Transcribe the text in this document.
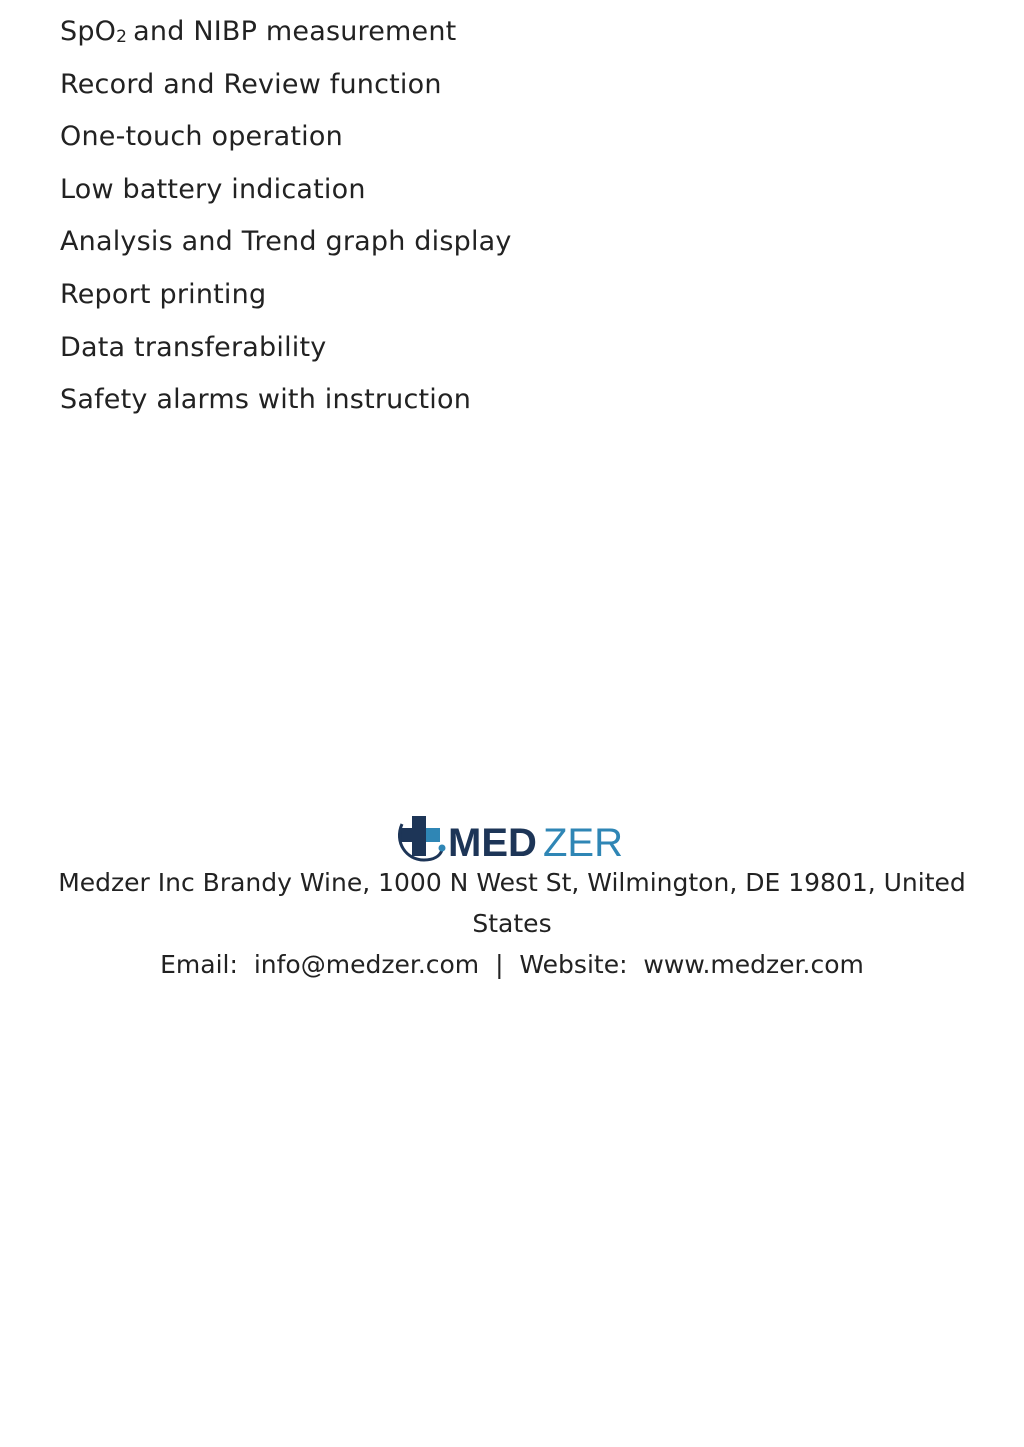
SpO$_2$ and NIBP measurement
Record and Review function
One-touch operation
Low battery indication
Analysis and Trend graph display
Report printing
Data transferability
Safety alarms with instruction
MED ZER
Medzer Inc Brandy Wine, 1000 N West St, Wilmington, DE 19801, United States
Email: info@medzer.com | Website: www.medzer.com
